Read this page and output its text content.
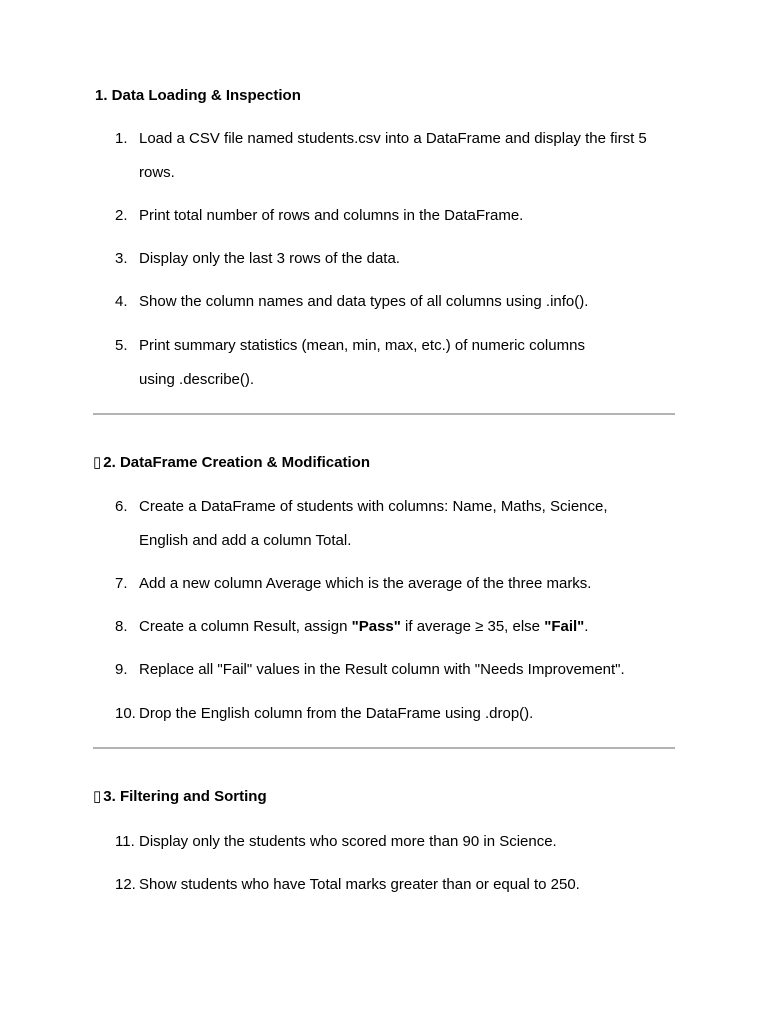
1. Data Loading & Inspection
1. Load a CSV file named students.csv into a DataFrame and display the first 5 rows.
2. Print total number of rows and columns in the DataFrame.
3. Display only the last 3 rows of the data.
4. Show the column names and data types of all columns using .info().
5. Print summary statistics (mean, min, max, etc.) of numeric columns using .describe().
▯ 2. DataFrame Creation & Modification
6. Create a DataFrame of students with columns: Name, Maths, Science, English and add a column Total.
7. Add a new column Average which is the average of the three marks.
8. Create a column Result, assign "Pass" if average ≥ 35, else "Fail".
9. Replace all "Fail" values in the Result column with "Needs Improvement".
10. Drop the English column from the DataFrame using .drop().
▯ 3. Filtering and Sorting
11. Display only the students who scored more than 90 in Science.
12. Show students who have Total marks greater than or equal to 250.
